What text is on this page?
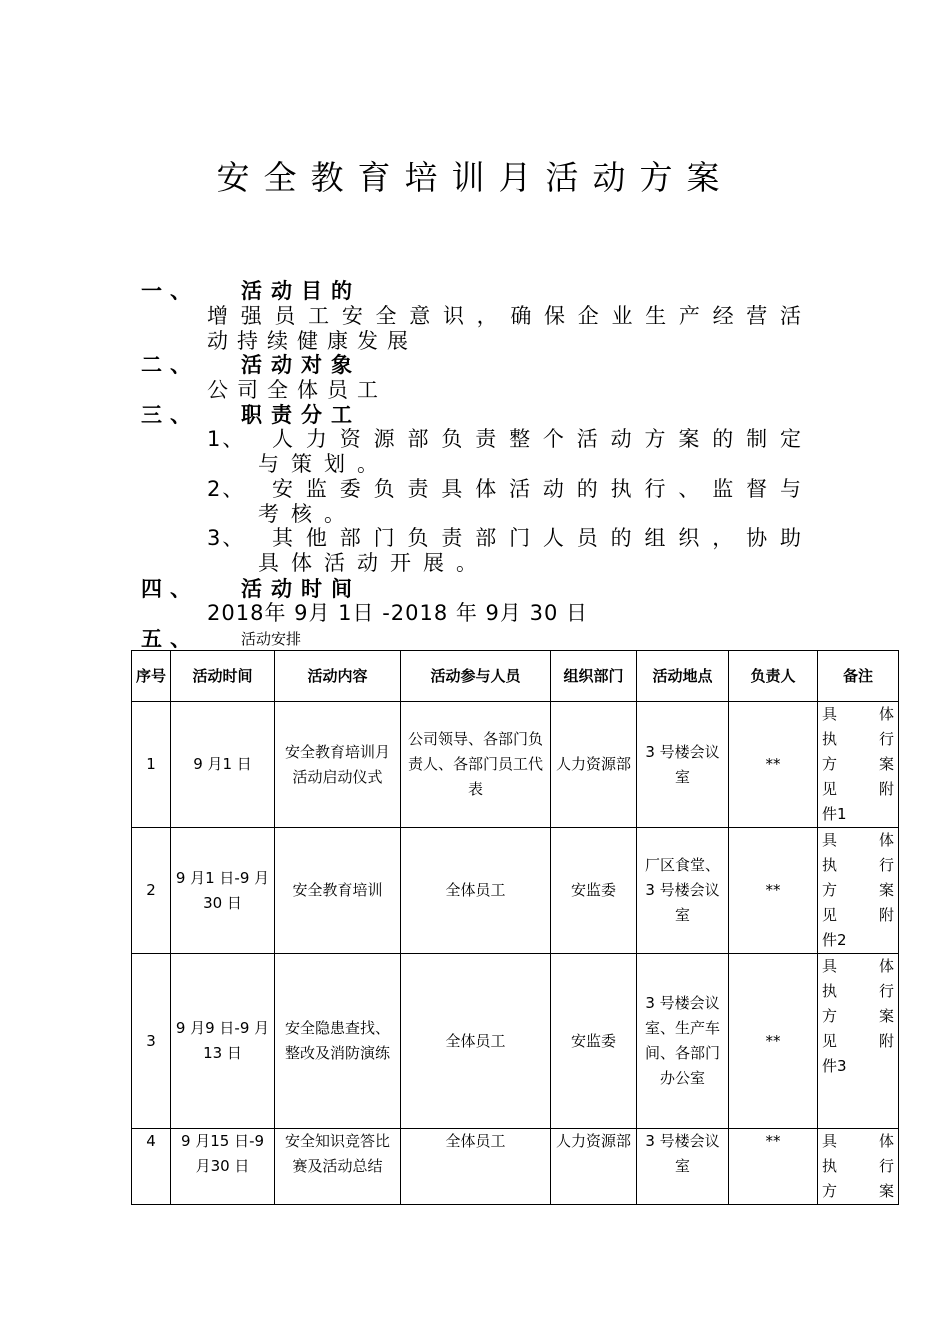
安全教育培训月活动方案
一、 活动目的
增强员工安全意识，确保企业生产经营活
动持续健康发展
二、 活动对象
公司全体员工
三、 职责分工
1、 人力资源部负责整个活动方案的制定
与策划。
2、 安监委负责具体活动的执行、监督与
考核。
3、 其他部门负责部门人员的组织，协助
具体活动开展。
四、 活动时间
2018年 9月 1日 -2018 年 9月 30 日
五、	活动安排
序号	活动时间	活动内容	活动参与人员	组织部门	活动地点	负责人	备注
1	9 月1 日	安全教育培训月活动启动仪式	公司领导、各部门负责人、各部门员工代表	人力资源部	3 号楼会议室	**	具 体
执 行
方 案
见 附
件1

2	9 月1 日-9 月30 日	安全教育培训	全体员工	安监委	厂区食堂、3 号楼会议室	**	具 体
执 行
方 案
见 附
件2

3	9 月9 日-9 月13 日	安全隐患查找、整改及消防演练	全体员工	安监委	3 号楼会议室、生产车间、各部门办公室	**	具 体
执 行
方 案
见 附
件3

4	9 月15 日-9 月30 日	安全知识竞答比赛及活动总结	全体员工	人力资源部	3 号楼会议室	**	具 体
执 行
方 案
